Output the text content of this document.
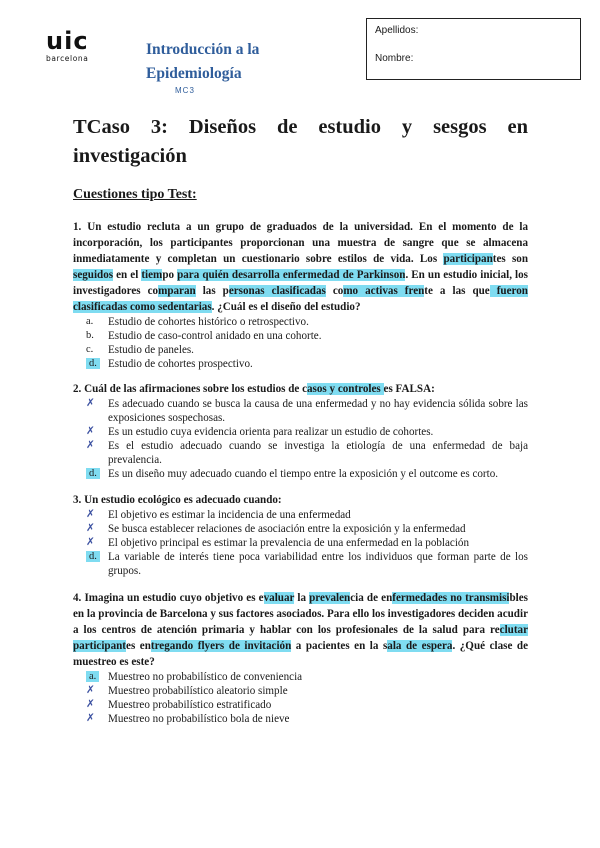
uic
barcelona
Introducción a la
Epidemiología
MC3
Apellidos:
Nombre:
TCaso 3: Diseños de estudio y sesgos en investigación
Cuestiones tipo Test:
1. Un estudio recluta a un grupo de graduados de la universidad. En el momento de la incorporación, los participantes proporcionan una muestra de sangre que se almacena inmediatamente y completan un cuestionario sobre estilos de vida. Los participantes son seguidos en el tiempo para quién desarrolla enfermedad de Parkinson. En un estudio inicial, los investigadores comparan las personas clasificadas como activas frente a las que fueron clasificadas como sedentarias. ¿Cuál es el diseño del estudio?
a.	Estudio de cohortes histórico o retrospectivo.
b.	Estudio de caso-control anidado en una cohorte.
c.	Estudio de paneles.
d.	Estudio de cohortes prospectivo.
2. Cuál de las afirmaciones sobre los estudios de casos y controles es FALSA:
✗	Es adecuado cuando se busca la causa de una enfermedad y no hay evidencia sólida sobre las exposiciones sospechosas.
✗	Es un estudio cuya evidencia orienta para realizar un estudio de cohortes.
✗	Es el estudio adecuado cuando se investiga la etiología de una enfermedad de baja prevalencia.
d.	Es un diseño muy adecuado cuando el tiempo entre la exposición y el outcome es corto.
3. Un estudio ecológico es adecuado cuando:
✗	El objetivo es estimar la incidencia de una enfermedad
✗	Se busca establecer relaciones de asociación entre la exposición y la enfermedad
✗	El objetivo principal es estimar la prevalencia de una enfermedad en la población
d.	La variable de interés tiene poca variabilidad entre los individuos que forman parte de los grupos.
4. Imagina un estudio cuyo objetivo es evaluar la prevalencia de enfermedades no transmisibles en la provincia de Barcelona y sus factores asociados. Para ello los investigadores deciden acudir a los centros de atención primaria y hablar con los profesionales de la salud para reclutar participantes entregando flyers de invitación a pacientes en la sala de espera. ¿Qué clase de muestreo es este?
a.	Muestreo no probabilístico de conveniencia
✗	Muestreo probabilístico aleatorio simple
✗	Muestreo probabilístico estratificado
✗	Muestreo no probabilístico bola de nieve
